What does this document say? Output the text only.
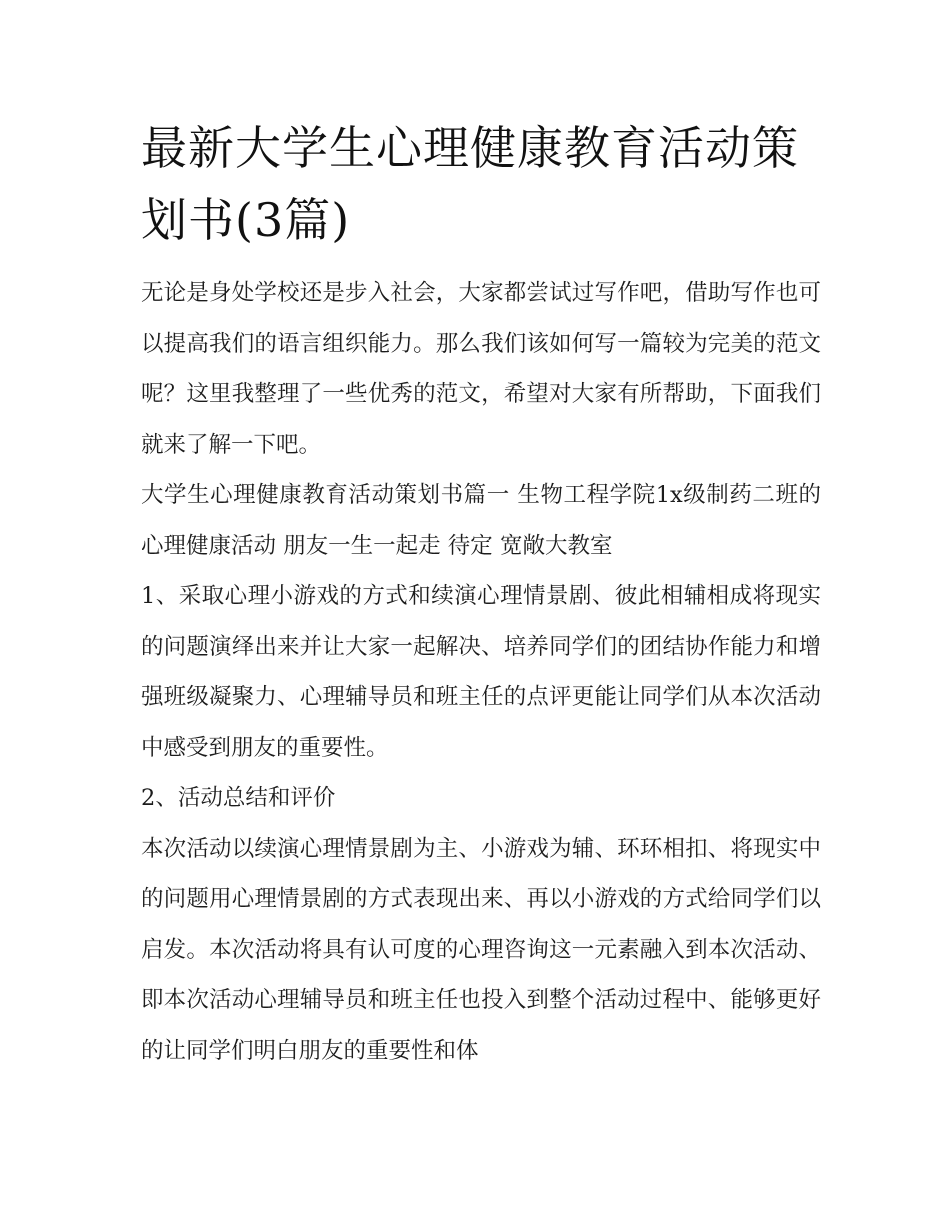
最新大学生心理健康教育活动策划书(3篇)

无论是身处学校还是步入社会，大家都尝试过写作吧，借助写作也可以提高我们的语言组织能力。那么我们该如何写一篇较为完美的范文呢？这里我整理了一些优秀的范文，希望对大家有所帮助，下面我们就来了解一下吧。

大学生心理健康教育活动策划书篇一 生物工程学院1x级制药二班的心理健康活动 朋友一生一起走 待定 宽敞大教室

1、采取心理小游戏的方式和续演心理情景剧、彼此相辅相成将现实的问题演绎出来并让大家一起解决、培养同学们的团结协作能力和增强班级凝聚力、心理辅导员和班主任的点评更能让同学们从本次活动中感受到朋友的重要性。

2、活动总结和评价

本次活动以续演心理情景剧为主、小游戏为辅、环环相扣、将现实中的问题用心理情景剧的方式表现出来、再以小游戏的方式给同学们以启发。本次活动将具有认可度的心理咨询这一元素融入到本次活动、即本次活动心理辅导员和班主任也投入到整个活动过程中、能够更好的让同学们明白朋友的重要性和体
